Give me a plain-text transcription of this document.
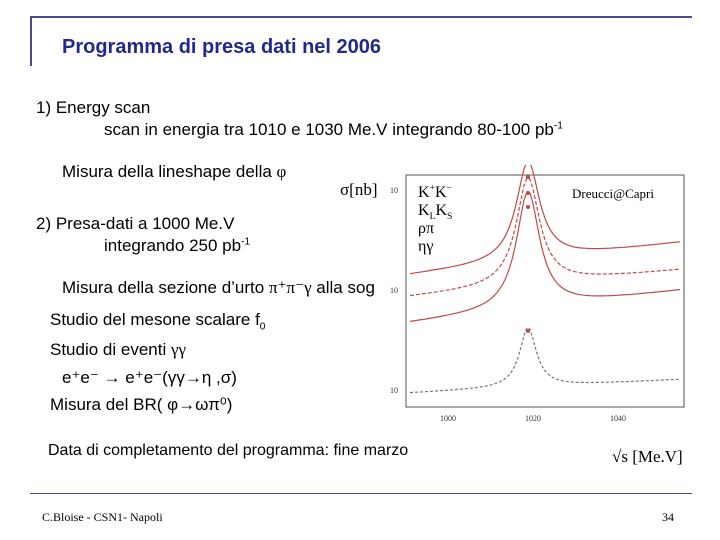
Programma di presa dati nel 2006
1) Energy scan
scan in energia tra 1010 e 1030 Me.V integrando 80-100 $pb^{-1}$
Misura della lineshape della φ
2) Presa-dati a 1000 Me.V
integrando 250 $pb^{-1}$
Misura della sezione d’urto π⁺π⁻γ alla sog
Studio del mesone scalare $f_0$
Studio di eventi γγ
e⁺e⁻ → e⁺e⁻(γγ→η ,σ)
Misura del BR( φ→ωπ⁰)
Data di completamento del programma: fine marzo
10
10
10
1000	1020	1040
σ[nb]	Dreucci@Capri
K+K−
$K_LK_S$
ρπ
ηγ
√s [Me.V]
C.Bloise - CSN1- Napoli	34
